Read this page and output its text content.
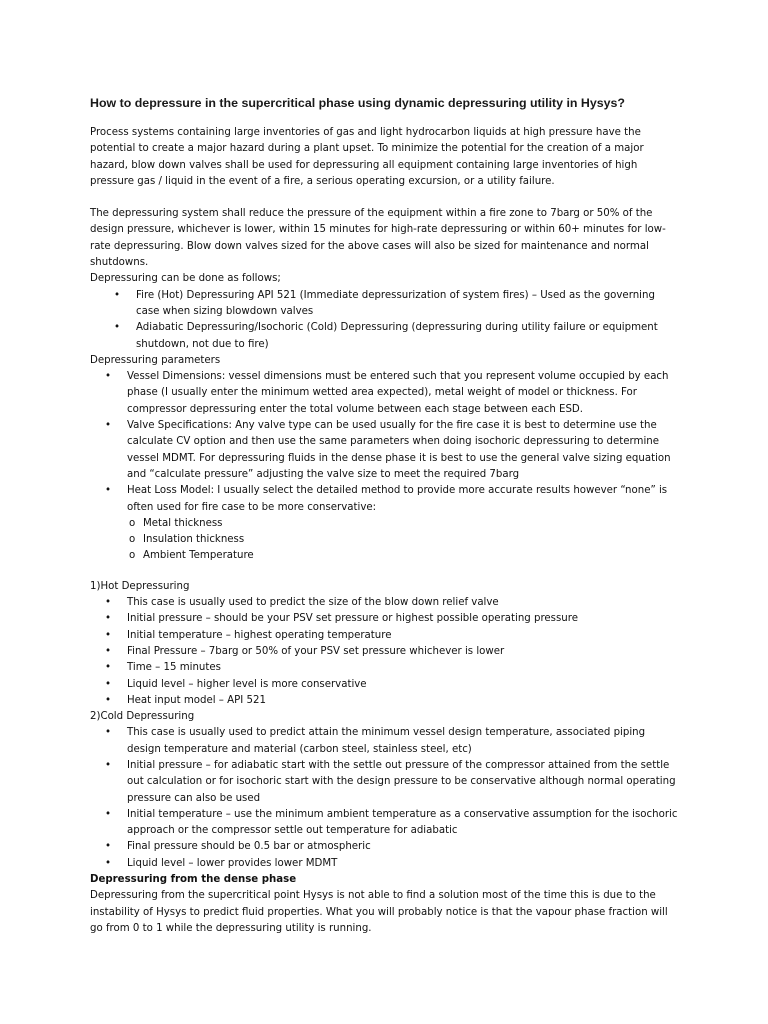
How to depressure in the supercritical phase using dynamic depressuring utility in Hysys?

Process systems containing large inventories of gas and light hydrocarbon liquids at high pressure have the potential to create a major hazard during a plant upset. To minimize the potential for the creation of a major hazard, blow down valves shall be used for depressuring all equipment containing large inventories of high pressure gas / liquid in the event of a fire, a serious operating excursion, or a utility failure.

The depressuring system shall reduce the pressure of the equipment within a fire zone to 7barg or 50% of the design pressure, whichever is lower, within 15 minutes for high-rate depressuring or within 60+ minutes for low-rate depressuring. Blow down valves sized for the above cases will also be sized for maintenance and normal shutdowns.

Depressuring can be done as follows;

• Fire (Hot) Depressuring API 521 (Immediate depressurization of system fires) – Used as the governing case when sizing blowdown valves
• Adiabatic Depressuring/Isochoric (Cold) Depressuring (depressuring during utility failure or equipment shutdown, not due to fire)

Depressuring parameters

• Vessel Dimensions: vessel dimensions must be entered such that you represent volume occupied by each phase (I usually enter the minimum wetted area expected), metal weight of model or thickness. For compressor depressuring enter the total volume between each stage between each ESD.
• Valve Specifications: Any valve type can be used usually for the fire case it is best to determine use the calculate CV option and then use the same parameters when doing isochoric depressuring to determine vessel MDMT. For depressuring fluids in the dense phase it is best to use the general valve sizing equation and “calculate pressure” adjusting the valve size to meet the required 7barg
• Heat Loss Model: I usually select the detailed method to provide more accurate results however “none” is often used for fire case to be more conservative:
o Metal thickness
o Insulation thickness
o Ambient Temperature

1)Hot Depressuring

• This case is usually used to predict the size of the blow down relief valve
• Initial pressure – should be your PSV set pressure or highest possible operating pressure
• Initial temperature – highest operating temperature
• Final Pressure – 7barg or 50% of your PSV set pressure whichever is lower
• Time – 15 minutes
• Liquid level – higher level is more conservative
• Heat input model – API 521

2)Cold Depressuring

• This case is usually used to predict attain the minimum vessel design temperature, associated piping design temperature and material (carbon steel, stainless steel, etc)
• Initial pressure – for adiabatic start with the settle out pressure of the compressor attained from the settle out calculation or for isochoric start with the design pressure to be conservative although normal operating pressure can also be used
• Initial temperature – use the minimum ambient temperature as a conservative assumption for the isochoric approach or the compressor settle out temperature for adiabatic
• Final pressure should be 0.5 bar or atmospheric
• Liquid level – lower provides lower MDMT

Depressuring from the dense phase

Depressuring from the supercritical point Hysys is not able to find a solution most of the time this is due to the instability of Hysys to predict fluid properties. What you will probably notice is that the vapour phase fraction will go from 0 to 1 while the depressuring utility is running.
